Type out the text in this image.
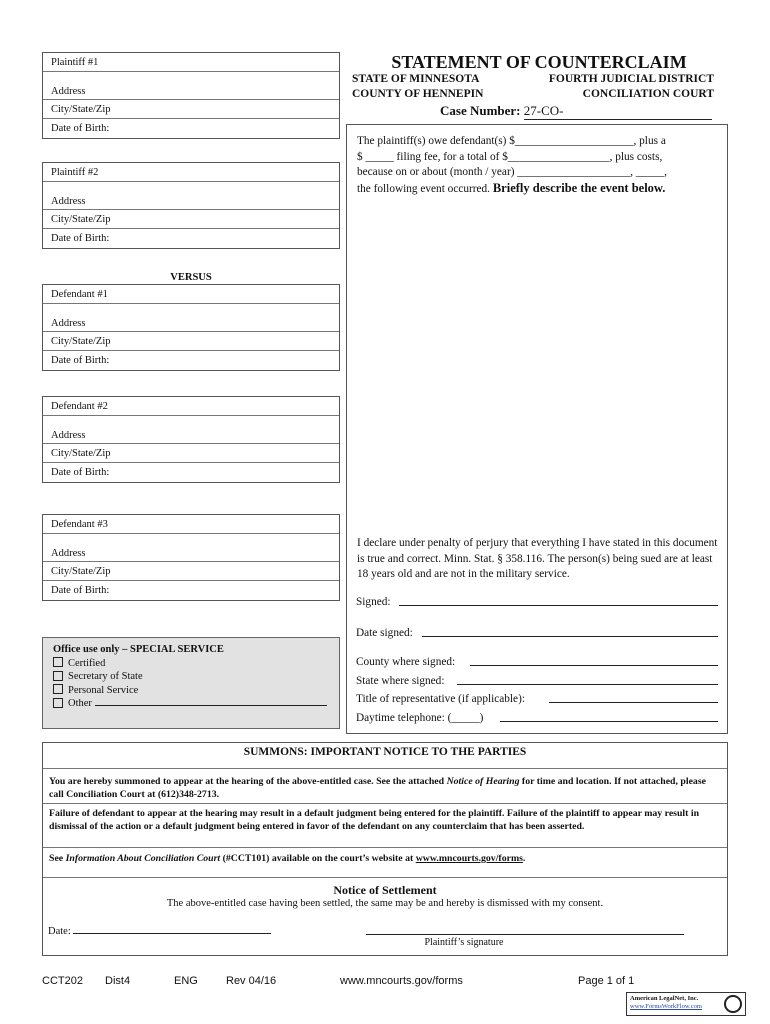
Plaintiff #1
Address
City/State/Zip
Date of Birth:
Plaintiff #2
Address
City/State/Zip
Date of Birth:
VERSUS
Defendant #1
Address
City/State/Zip
Date of Birth:
Defendant #2
Address
City/State/Zip
Date of Birth:
Defendant #3
Address
City/State/Zip
Date of Birth:
Office use only – SPECIAL SERVICE
Certified
Secretary of State
Personal Service
Other
STATEMENT OF COUNTERCLAIM
STATE OF MINNESOTA
COUNTY OF HENNEPIN
FOURTH JUDICIAL DISTRICT
CONCILIATION COURT
Case Number: 27-CO-
The plaintiff(s) owe defendant(s) $_____________________, plus a
$ _____ filing fee, for a total of $__________________, plus costs,
because on or about (month / year) ____________________, _____,
the following event occurred. Briefly describe the event below.
I declare under penalty of perjury that everything I have stated in this document is true and correct. Minn. Stat. § 358.116. The person(s) being sued are at least 18 years old and are not in the military service.
Signed:
Date signed:
County where signed:
State where signed:
Title of representative (if applicable):
Daytime telephone: (_____)
SUMMONS: IMPORTANT NOTICE TO THE PARTIES
You are hereby summoned to appear at the hearing of the above-entitled case. See the attached Notice of Hearing for time and location. If not attached, please call Conciliation Court at (612)348-2713.
Failure of defendant to appear at the hearing may result in a default judgment being entered for the plaintiff. Failure of the plaintiff to appear may result in dismissal of the action or a default judgment being entered in favor of the defendant on any counterclaim that has been asserted.
See Information About Conciliation Court (#CCT101) available on the court’s website at www.mncourts.gov/forms.
Notice of Settlement
The above-entitled case having been settled, the same may be and hereby is dismissed with my consent.
Date:
Plaintiff’s signature
CCT202 Dist4	ENG	Rev 04/16	www.mncourts.gov/forms	Page 1 of 1
American LegalNet, Inc.
www.FormsWorkFlow.com
